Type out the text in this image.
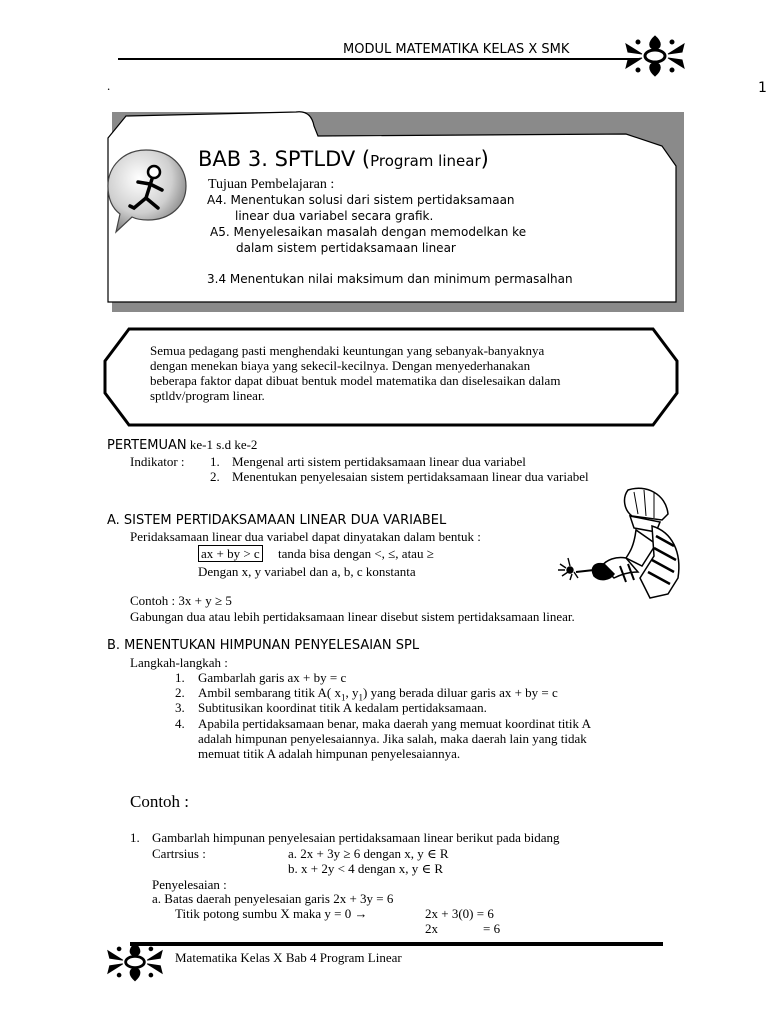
MODUL MATEMATIKA KELAS X SMK
.	1
BAB 3. SPTLDV (Program linear)
Tujuan Pembelajaran :
A4. Menentukan solusi dari sistem pertidaksamaan
linear dua variabel secara grafik.
A5. Menyelesaikan masalah dengan memodelkan ke
dalam sistem pertidaksamaan linear
3.4 Menentukan nilai maksimum dan minimum permasalhan
Semua pedagang pasti menghendaki keuntungan yang sebanyak-banyaknya
dengan menekan biaya yang sekecil-kecilnya. Dengan menyederhanakan
beberapa faktor dapat dibuat bentuk model matematika dan diselesaikan dalam
sptldv/program linear.
PERTEMUAN ke-1 s.d ke-2
Indikator : 1. Mengenal arti sistem pertidaksamaan linear dua variabel
2. Menentukan penyelesaian sistem pertidaksamaan linear dua variabel
A. SISTEM PERTIDAKSAMAAN LINEAR DUA VARIABEL
Peridaksamaan linear dua variabel dapat dinyatakan dalam bentuk :
ax + by > c tanda bisa dengan <, ≤, atau ≥
Dengan x, y variabel dan a, b, c konstanta
Contoh : 3x + y ≥ 5
Gabungan dua atau lebih pertidaksamaan linear disebut sistem pertidaksamaan linear.
B. MENENTUKAN HIMPUNAN PENYELESAIAN SPL
Langkah-langkah :
1. Gambarlah garis ax + by = c
2. Ambil sembarang titik A( $x_1$, $y_1$) yang berada diluar garis ax + by = c
3. Subtitusikan koordinat titik A kedalam pertidaksamaan.
4. Apabila pertidaksamaan benar, maka daerah yang memuat koordinat titik A
adalah himpunan penyelesaiannya. Jika salah, maka daerah lain yang tidak
memuat titik A adalah himpunan penyelesaiannya.
Contoh :
1. Gambarlah himpunan penyelesaian pertidaksamaan linear berikut pada bidang
Cartrsius :	a. 2x + 3y ≥ 6 dengan x, y ∈ R
b. x + 2y < 4 dengan x, y ∈ R
Penyelesaian :
a. Batas daerah penyelesaian garis 2x + 3y = 6
Titik potong sumbu X maka y = 0 →	2x + 3(0) = 6
2x	= 6
Matematika Kelas X Bab 4 Program Linear
